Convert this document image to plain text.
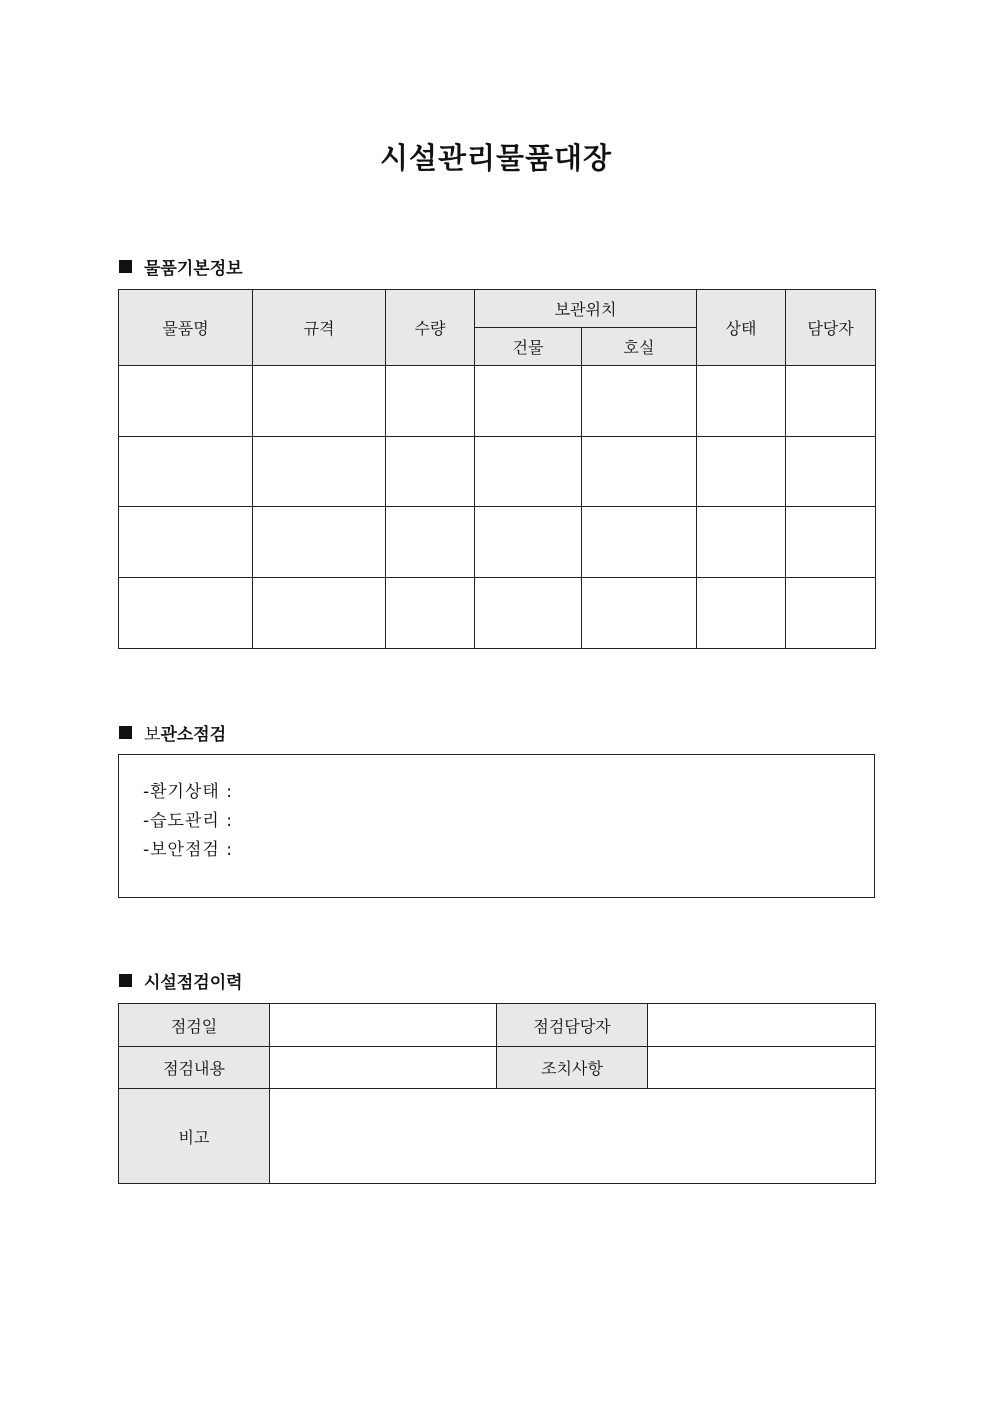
시설관리물품대장
물품기본정보
물품명	규격	수량	보관위치		상태	담당자
			건물	호실		

보 관소점검
-환기상태 :
-습도관리 :
-보안점검 :
시설점검이력
점검일		점검담당자	
점검내용		조치사항	
비고			
